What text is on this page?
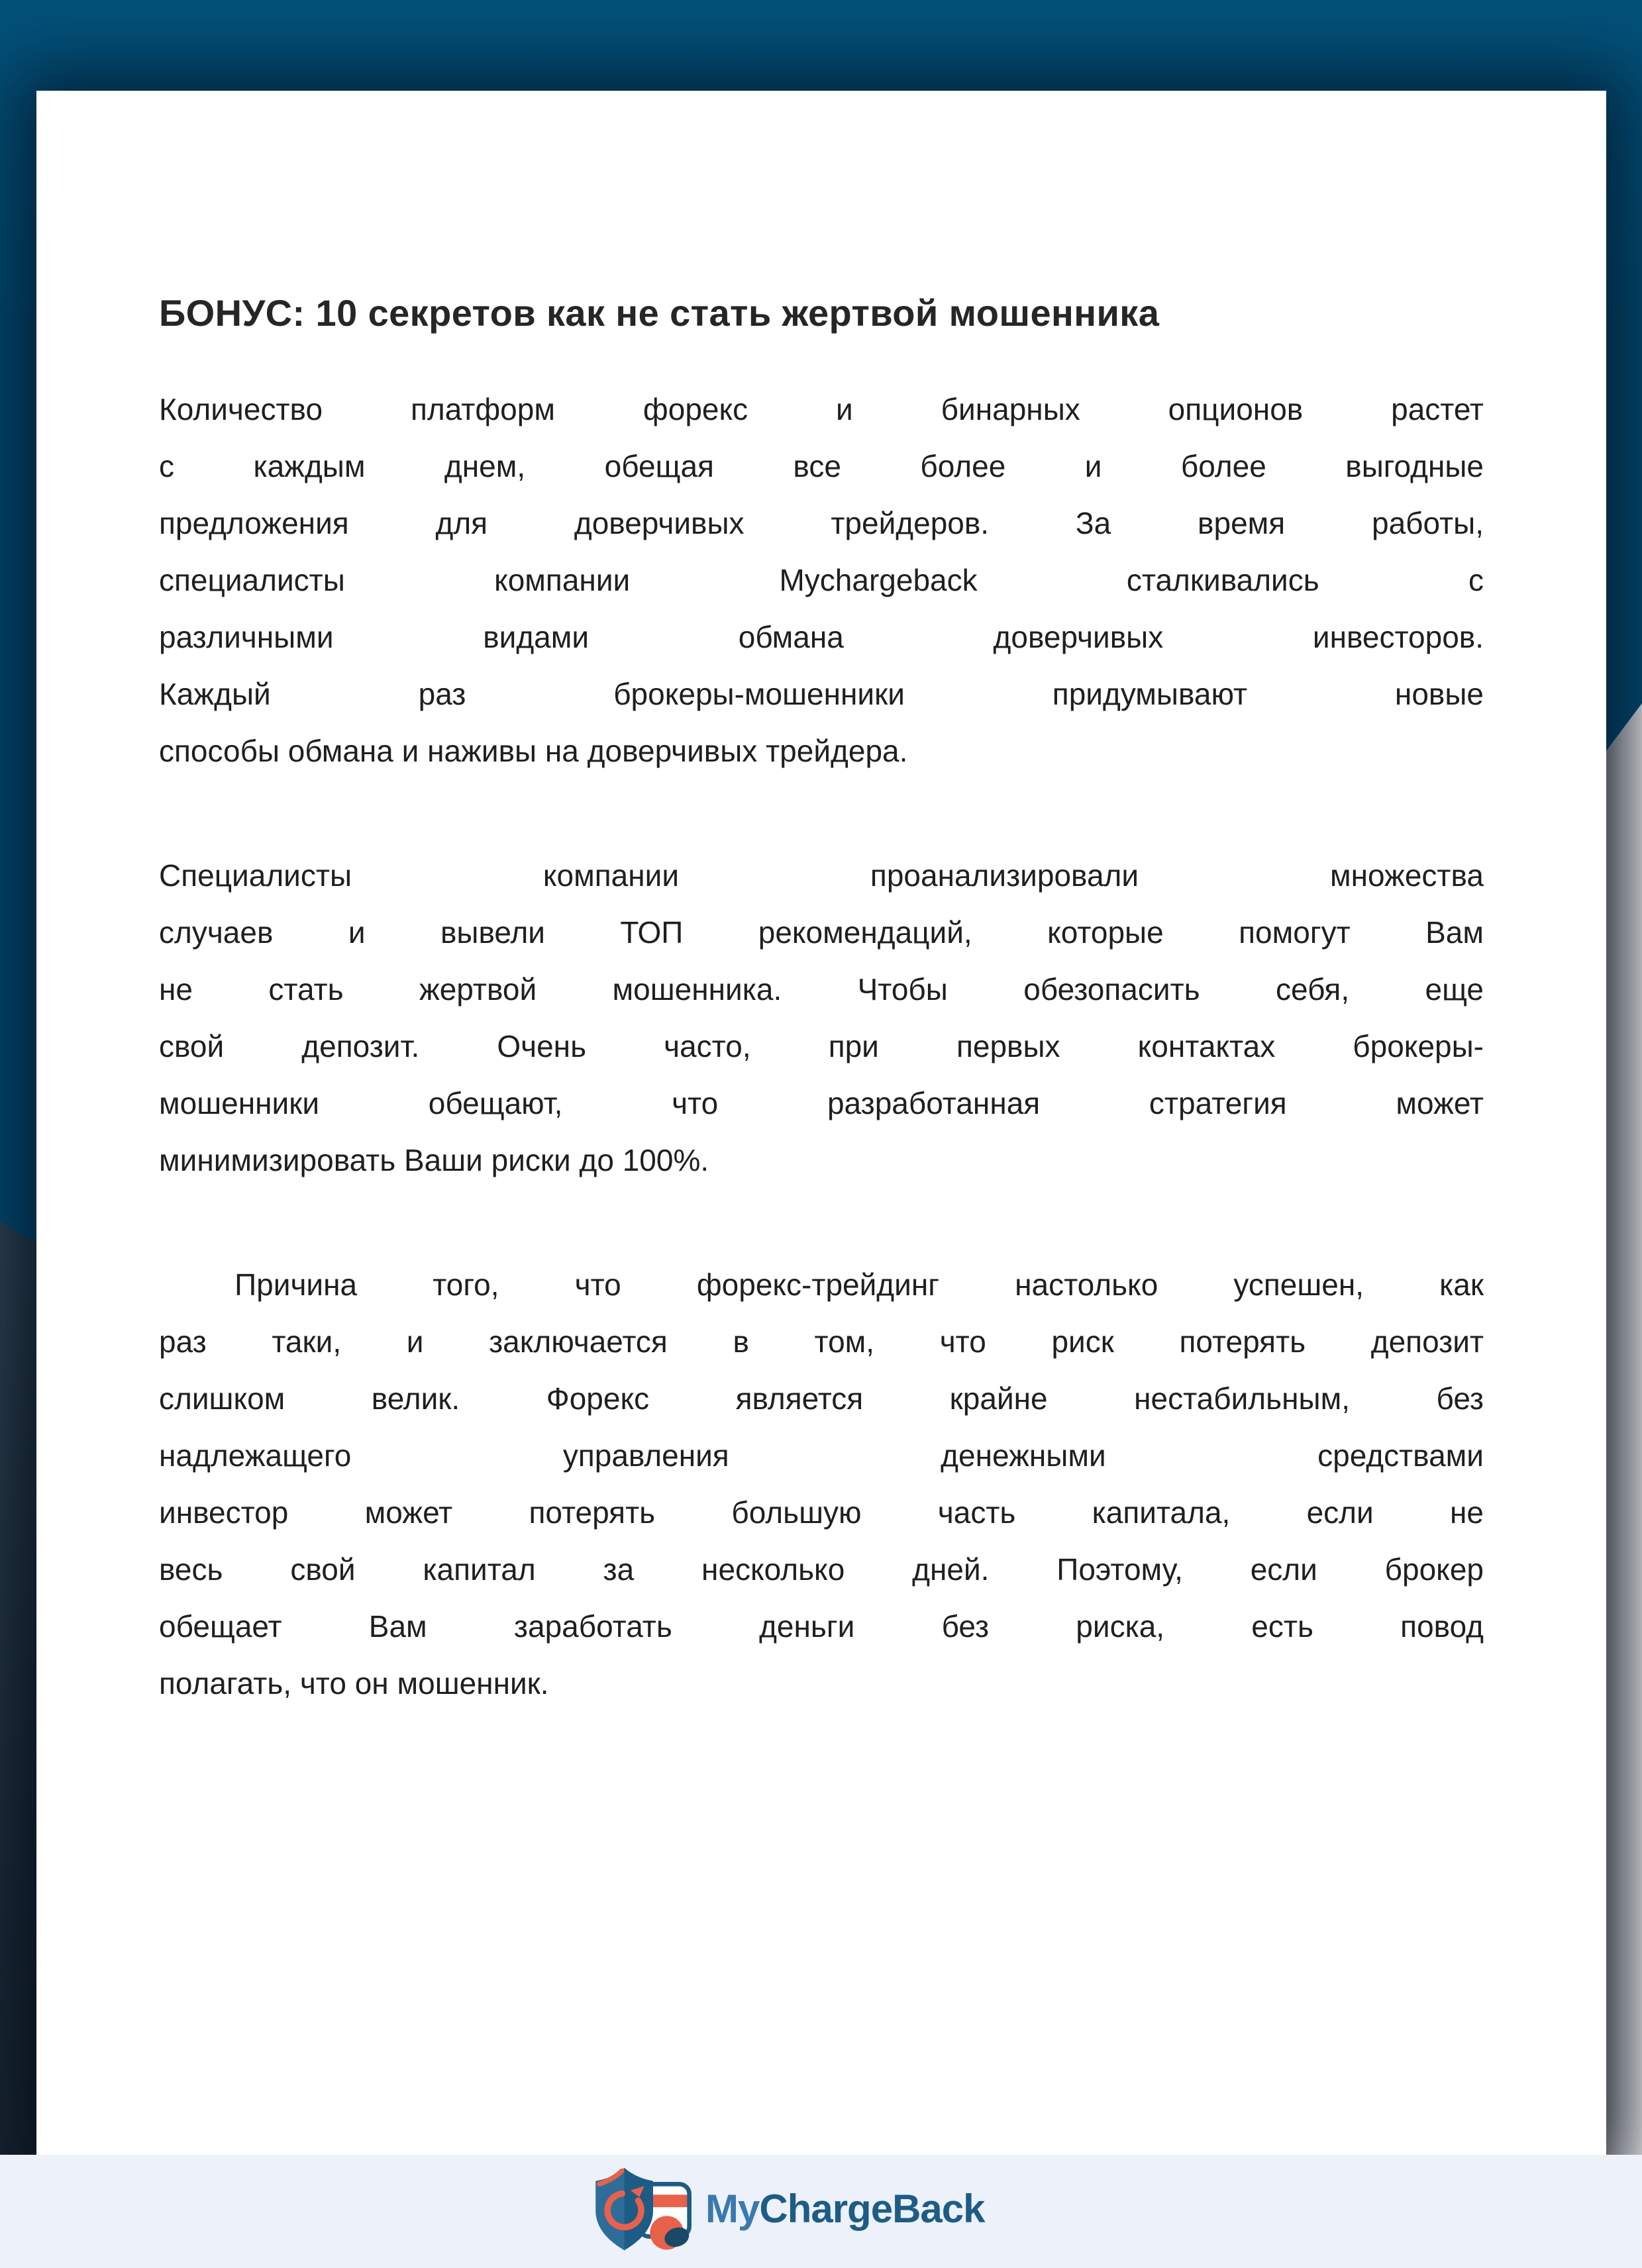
БОНУС: 10 секретов как не стать жертвой мошенника

Количество платформ форекс и бинарных опционов растет
с каждым днем, обещая все более и более выгодные
предложения для доверчивых трейдеров. За время работы,
специалисты компании Mychargeback сталкивались с
различными видами обмана доверчивых инвесторов.
Каждый раз брокеры-мошенники придумывают новые
способы обмана и наживы на доверчивых трейдера.

Специалисты компании проанализировали множества
случаев и вывели ТОП рекомендаций, которые помогут Вам
не стать жертвой мошенника. Чтобы обезопасить себя, еще
свой депозит. Очень часто, при первых контактах брокеры-
мошенники обещают, что разработанная стратегия может
минимизировать Ваши риски до 100%.

Причина того, что форекс-трейдинг настолько успешен, как
раз таки, и заключается в том, что риск потерять депозит
слишком велик. Форекс является крайне нестабильным, без
надлежащего управления денежными средствами
инвестор может потерять большую часть капитала, если не
весь свой капитал за несколько дней. Поэтому, если брокер
обещает Вам заработать деньги без риска, есть повод
полагать, что он мошенник.

MyChargeBack
